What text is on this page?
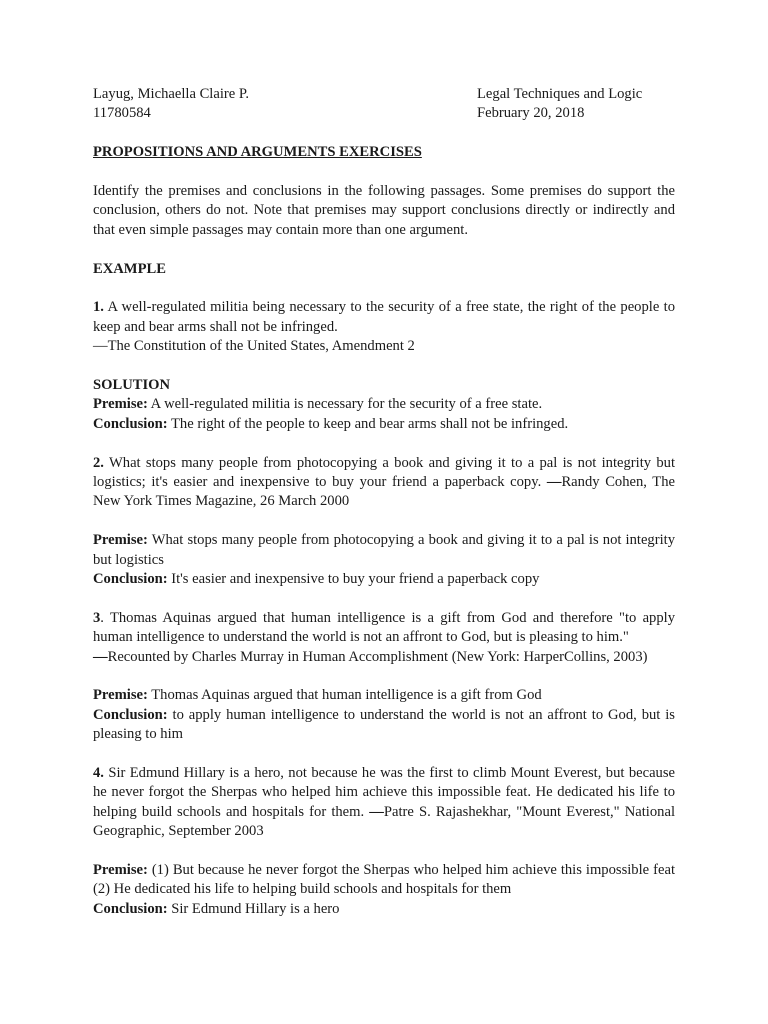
Layug, Michaella Claire P.	Legal Techniques and Logic
11780584	February 20, 2018
PROPOSITIONS AND ARGUMENTS EXERCISES

Identify the premises and conclusions in the following passages. Some premises do support the conclusion, others do not. Note that premises may support conclusions directly or indirectly and that even simple passages may contain more than one argument.

EXAMPLE

1. A well-regulated militia being necessary to the security of a free state, the right of the people to keep and bear arms shall not be infringed.

—The Constitution of the United States, Amendment 2

SOLUTION

Premise: A well-regulated militia is necessary for the security of a free state.

Conclusion: The right of the people to keep and bear arms shall not be infringed.

2. What stops many people from photocopying a book and giving it to a pal is not integrity but logistics; it's easier and inexpensive to buy your friend a paperback copy. —Randy Cohen, The New York Times Magazine, 26 March 2000

Premise: What stops many people from photocopying a book and giving it to a pal is not integrity but logistics

Conclusion: It's easier and inexpensive to buy your friend a paperback copy

3. Thomas Aquinas argued that human intelligence is a gift from God and therefore "to apply human intelligence to understand the world is not an affront to God, but is pleasing to him."

—Recounted by Charles Murray in Human Accomplishment (New York: HarperCollins, 2003)

Premise: Thomas Aquinas argued that human intelligence is a gift from God

Conclusion: to apply human intelligence to understand the world is not an affront to God, but is pleasing to him

4. Sir Edmund Hillary is a hero, not because he was the first to climb Mount Everest, but because he never forgot the Sherpas who helped him achieve this impossible feat. He dedicated his life to helping build schools and hospitals for them. —Patre S. Rajashekhar, "Mount Everest," National Geographic, September 2003

Premise: (1) But because he never forgot the Sherpas who helped him achieve this impossible feat (2) He dedicated his life to helping build schools and hospitals for them

Conclusion: Sir Edmund Hillary is a hero
